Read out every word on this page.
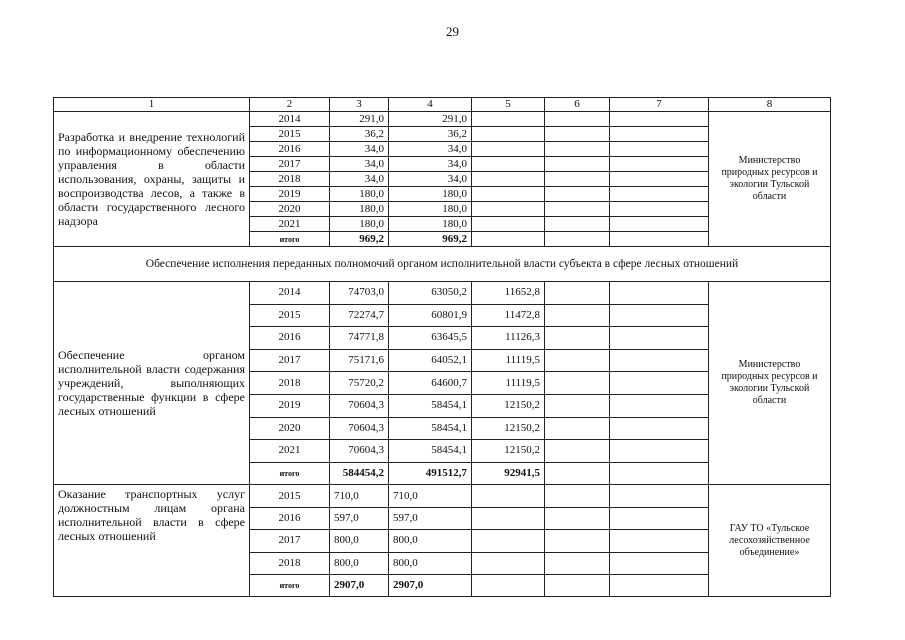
29
1	2	3	4	5	6	7	8
Разработка и внедрение технологий по информационному обеспечению управления в области использования, охраны, защиты и воспроизводства лесов, а также в области государственного лесного надзора	2014	291,0	291,0				Министерство природных ресурсов и экологии Тульской области
	2015	36,2	36,2				
	2016	34,0	34,0				
	2017	34,0	34,0				
	2018	34,0	34,0				
	2019	180,0	180,0				
	2020	180,0	180,0				
	2021	180,0	180,0				
	итого	969,2	969,2				
Обеспечение исполнения переданных полномочий органом исполнительной власти субъекта в сфере лесных отношений							
Обеспечение органом исполнительной власти содержания учреждений, выполняющих государственные функции в сфере лесных отношений	2014	74703,0	63050,2	11652,8			Министерство природных ресурсов и экологии Тульской области
	2015	72274,7	60801,9	11472,8			
	2016	74771,8	63645,5	11126,3			
	2017	75171,6	64052,1	11119,5			
	2018	75720,2	64600,7	11119,5			
	2019	70604,3	58454,1	12150,2			
	2020	70604,3	58454,1	12150,2			
	2021	70604,3	58454,1	12150,2			
	итого	584454,2	491512,7	92941,5			
Оказание транспортных услуг должностным лицам органа исполнительной власти в сфере лесных отношений	2015	710,0	710,0				ГАУ ТО «Тульское лесохозяйственное объединение»
	2016	597,0	597,0				
	2017	800,0	800,0				
	2018	800,0	800,0				
	итого	2907,0	2907,0				
